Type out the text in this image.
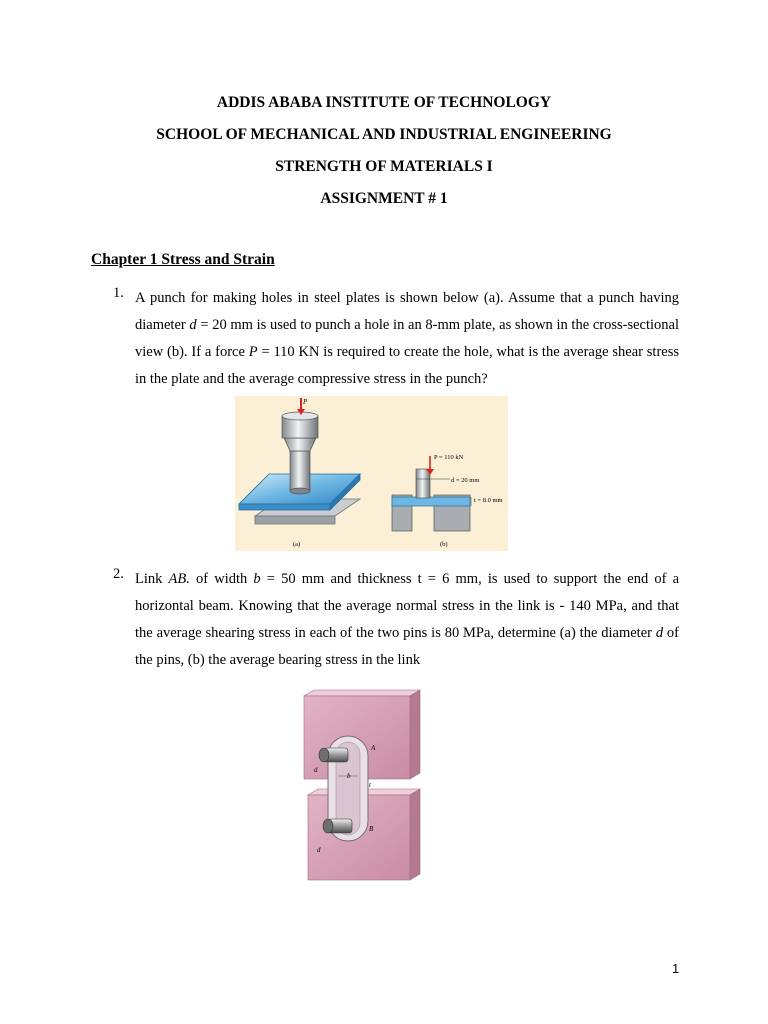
ADDIS ABABA INSTITUTE OF TECHNOLOGY
SCHOOL OF MECHANICAL AND INDUSTRIAL ENGINEERING
STRENGTH OF MATERIALS I
ASSIGNMENT # 1
Chapter 1 Stress and Strain
1. A punch for making holes in steel plates is shown below (a). Assume that a punch having diameter d = 20 mm is used to punch a hole in an 8-mm plate, as shown in the cross-sectional view (b). If a force P = 110 KN is required to create the hole, what is the average shear stress in the plate and the average compressive stress in the punch?
P
P = 110 kN
d = 20 mm
t = 8.0 mm
(a)	(b)
2. Link AB. of width b = 50 mm and thickness t = 6 mm, is used to support the end of a horizontal beam. Knowing that the average normal stress in the link is - 140 MPa, and that the average shearing stress in each of the two pins is 80 MPa, determine (a) the diameter d of the pins, (b) the average bearing stress in the link
A
B
d
b
t
d
1
